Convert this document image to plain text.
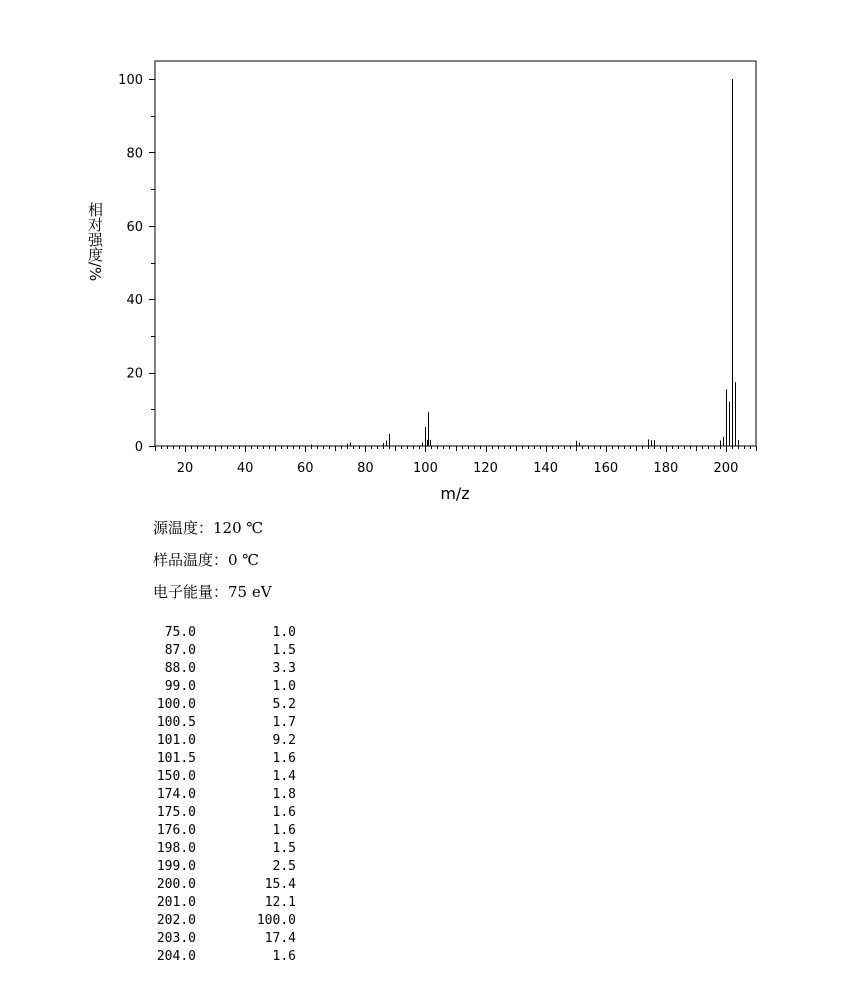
20	40	60	80	100	120	140	160	180	200
0
20
40
60
80
100
m/z
相对强度/%
源温度：120 ℃
样品温度：0 ℃
电子能量：75 eV
75.0	1.0
87.0	1.5
88.0	3.3
99.0	1.0
100.0	5.2
100.5	1.7
101.0	9.2
101.5	1.6
150.0	1.4
174.0	1.8
175.0	1.6
176.0	1.6
198.0	1.5
199.0	2.5
200.0	15.4
201.0	12.1
202.0	100.0
203.0	17.4
204.0	1.6
